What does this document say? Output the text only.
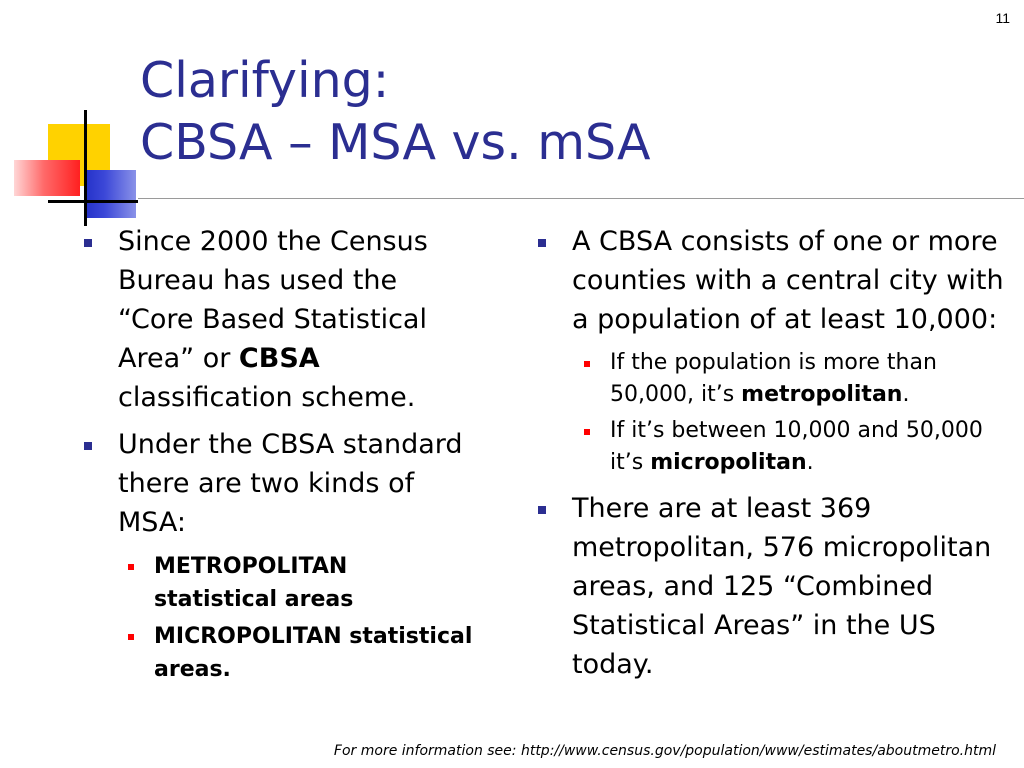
11
Clarifying:
CBSA – MSA vs. mSA
Since 2000 the Census Bureau has used the “Core Based Statistical Area” or CBSA classification scheme.
Under the CBSA standard there are two kinds of MSA:
METROPOLITAN statistical areas
MICROPOLITAN statistical areas.
A CBSA consists of one or more counties with a central city with a population of at least 10,000:
If the population is more than 50,000, it’s metropolitan.
If it’s between 10,000 and 50,000 it’s micropolitan.
There are at least 369 metropolitan, 576 micropolitan areas, and 125 “Combined Statistical Areas” in the US today.
For more information see: http://www.census.gov/population/www/estimates/aboutmetro.html
